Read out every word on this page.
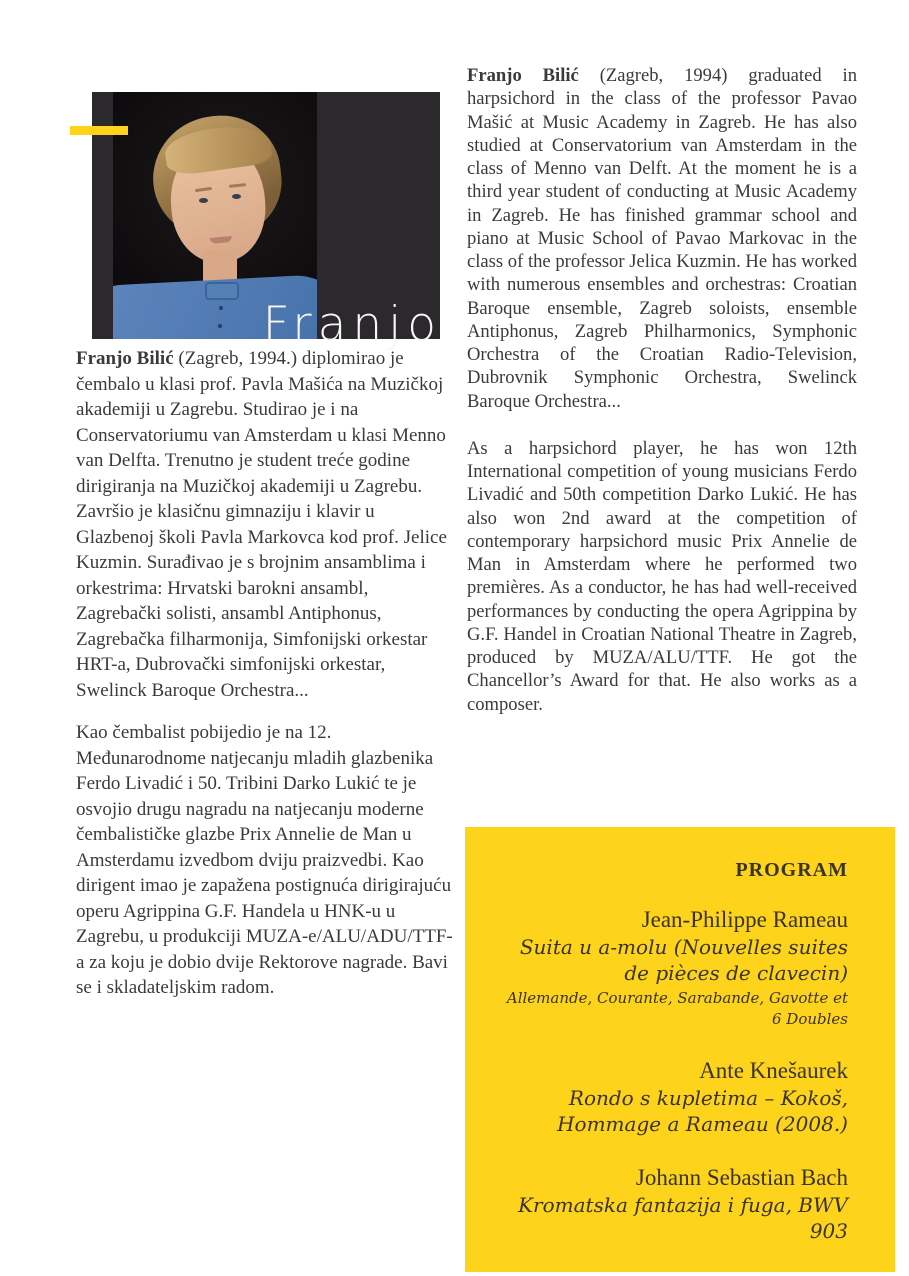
Franjo

Franjo Bilić (Zagreb, 1994.) diplomirao je čembalo u klasi prof. Pavla Mašića na Muzičkoj akademiji u Zagrebu. Studirao je i na Conservatoriumu van Amsterdam u klasi Menno van Delfta. Trenutno je student treće godine dirigiranja na Muzičkoj akademiji u Zagrebu. Završio je klasičnu gimnaziju i klavir u Glazbenoj školi Pavla Markovca kod prof. Jelice Kuzmin. Surađivao je s brojnim ansamblima i orkestrima: Hrvatski barokni ansambl, Zagrebački solisti, ansambl Antiphonus, Zagrebačka filharmonija, Simfonijski orkestar HRT-a, Dubrovački simfonijski orkestar, Swelinck Baroque Orchestra...

Kao čembalist pobijedio je na 12. Međunarodnome natjecanju mladih glazbenika Ferdo Livadić i 50. Tribini Darko Lukić te je osvojio drugu nagradu na natjecanju moderne čembalističke glazbe Prix Annelie de Man u Amsterdamu izvedbom dviju praizvedbi. Kao dirigent imao je zapažena postignuća dirigirajuću operu Agrippina G.F. Handela u HNK-u u Zagrebu, u produkciji MUZA-e/ALU/ADU/TTF-a za koju je dobio dvije Rektorove nagrade. Bavi se i skladateljskim radom.

Franjo Bilić (Zagreb, 1994) graduated in harpsichord in the class of the professor Pavao Mašić at Music Academy in Zagreb. He has also studied at Conservatorium van Amsterdam in the class of Menno van Delft. At the moment he is a third year student of conducting at Music Academy in Zagreb. He has finished grammar school and piano at Music School of Pavao Markovac in the class of the professor Jelica Kuzmin. He has worked with numerous ensembles and orchestras: Croatian Baroque ensemble, Zagreb soloists, ensemble Antiphonus, Zagreb Philharmonics, Symphonic Orchestra of the Croatian Radio-Television, Dubrovnik Symphonic Orchestra, Swelinck Baroque Orchestra...

As a harpsichord player, he has won 12th International competition of young musicians Ferdo Livadić and 50th competition Darko Lukić. He has also won 2nd award at the competition of contemporary harpsichord music Prix Annelie de Man in Amsterdam where he performed two premières. As a conductor, he has had well-received performances by conducting the opera Agrippina by G.F. Handel in Croatian National Theatre in Zagreb, produced by MUZA/ALU/TTF. He got the Chancellor’s Award for that. He also works as a composer.

PROGRAM
Jean-Philippe Rameau
Suita u a-molu (Nouvelles suites de pièces de clavecin)
Allemande, Courante, Sarabande, Gavotte et 6 Doubles
Ante Knešaurek
Rondo s kupletima – Kokoš, Hommage a Rameau (2008.)
Johann Sebastian Bach
Kromatska fantazija i fuga, BWV 903
